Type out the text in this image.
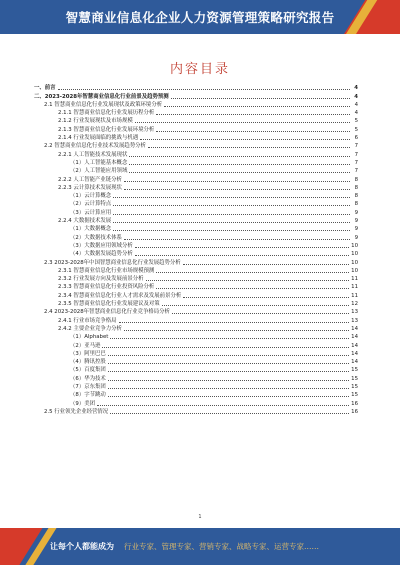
智慧商业信息化企业人力资源管理策略研究报告
内容目录
一、前言	4
二、2023-2028年智慧商业信息化行业前景及趋势预测	4
2.1 智慧商业信息化行业发展现状及政策环境分析	4
2.1.1 智慧商业信息化行业发展历程分析	4
2.1.2 行业发展现状及市场规模	5
2.1.3 智慧商业信息化行业发展环境分析	5
2.1.4 行业发展面临的挑战与机遇	6
2.2 智慧商业信息化行业技术发展趋势分析	7
2.2.1 人工智能技术发展现状	7
（1）人工智能基本概念	7
（2）人工智能应用领域	7
2.2.2 人工智能产业链分析	8
2.2.3 云计算技术发展现状	8
（1）云计算概念	8
（2）云计算特点	8
（3）云计算应用	9
2.2.4 大数据技术发展	9
（1）大数据概念	9
（2）大数据技术体系	9
（3）大数据应用领域分析	10
（4）大数据发展趋势分析	10
2.3 2023-2028年中国智慧商业信息化行业发展趋势分析	10
2.3.1 智慧商业信息化行业市场规模预测	10
2.3.2 行业发展方向及发展前景分析	11
2.3.3 智慧商业信息化行业投资风险分析	11
2.3.4 智慧商业信息化行业人才需求及发展前景分析	11
2.3.5 智慧商业信息化行业发展建议及对策	12
2.4 2023-2028年智慧商业信息化行业竞争格局分析	13
2.4.1 行业市场竞争格局	13
2.4.2 主要企业竞争力分析	14
（1）Alphabet	14
（2）亚马逊	14
（3）阿里巴巴	14
（4）腾讯控股	14
（5）百度集团	15
（6）华为技术	15
（7）京东集团	15
（8）字节跳动	15
（9）美团	16
2.5 行业领先企业经营情况	16
1
让每个人都能成为 行业专家、管理专家、营销专家、战略专家、运营专家……
